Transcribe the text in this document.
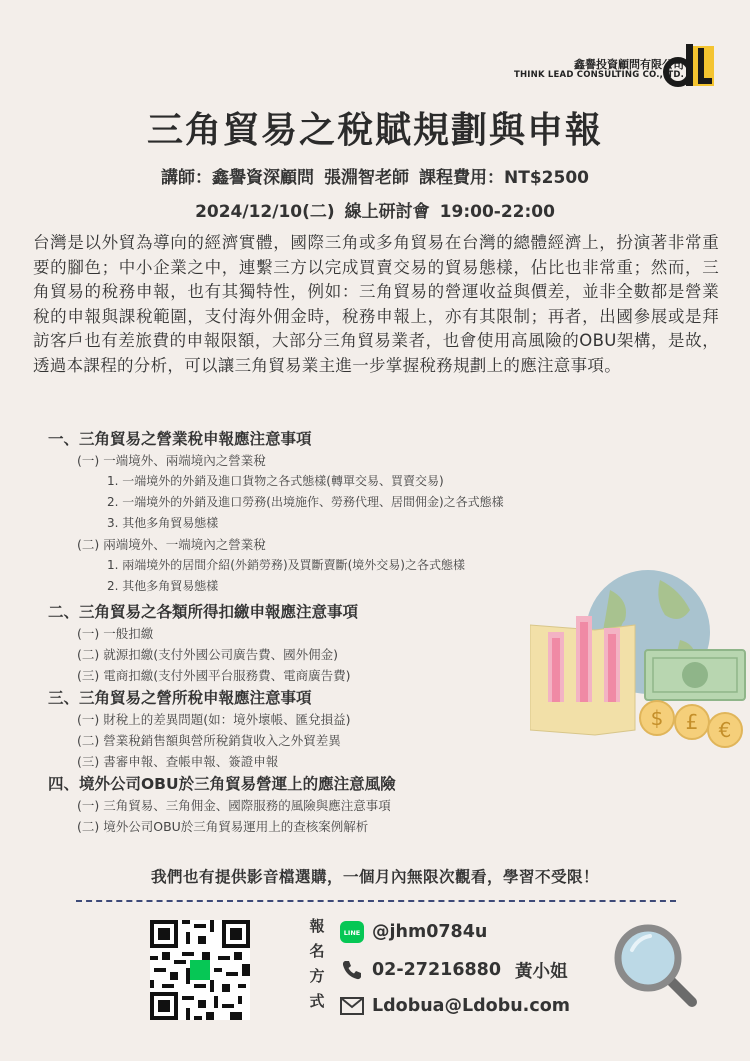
鑫譽投資顧問有限公司
THINK LEAD CONSULTING CO.,LTD.
三角貿易之稅賦規劃與申報
講師：鑫譽資深顧問 張淵智老師 課程費用：NT$2500
2024/12/10(二) 線上研討會 19:00-22:00
台灣是以外貿為導向的經濟實體，國際三角或多角貿易在台灣的總體經濟上，扮演著非常重要的腳色；中小企業之中，連繫三方以完成買賣交易的貿易態樣，佔比也非常重；然而，三角貿易的稅務申報，也有其獨特性，例如：三角貿易的營運收益與價差，並非全數都是營業稅的申報與課稅範圍，支付海外佣金時，稅務申報上，亦有其限制；再者，出國參展或是拜訪客戶也有差旅費的申報限額，大部分三角貿易業者，也會使用高風險的OBU架構，是故，透過本課程的分析，可以讓三角貿易業主進一步掌握稅務規劃上的應注意事項。
一、三角貿易之營業稅申報應注意事項
(一) 一端境外、兩端境內之營業稅
1. 一端境外的外銷及進口貨物之各式態樣(轉單交易、買賣交易)
2. 一端境外的外銷及進口勞務(出境施作、勞務代理、居間佣金)之各式態樣
3. 其他多角貿易態樣
(二) 兩端境外、一端境內之營業稅
1. 兩端境外的居間介紹(外銷勞務)及買斷賣斷(境外交易)之各式態樣
2. 其他多角貿易態樣
二、三角貿易之各類所得扣繳申報應注意事項
(一) 一般扣繳
(二) 就源扣繳(支付外國公司廣告費、國外佣金)
(三) 電商扣繳(支付外國平台服務費、電商廣告費)
三、三角貿易之營所稅申報應注意事項
(一) 財稅上的差異問題(如：境外壞帳、匯兌損益)
(二) 營業稅銷售額與營所稅銷貨收入之外貿差異
(三) 書審申報、查帳申報、簽證申報
四、境外公司OBU於三角貿易營運上的應注意風險
(一) 三角貿易、三角佣金、國際服務的風險與應注意事項
(二) 境外公司OBU於三角貿易運用上的查核案例解析
$ £ €
我們也有提供影音檔選購，一個月內無限次觀看，學習不受限！
報
名
方
式
LINE @jhm0784u
02-27216880 黃小姐
Ldobua@Ldobu.com
